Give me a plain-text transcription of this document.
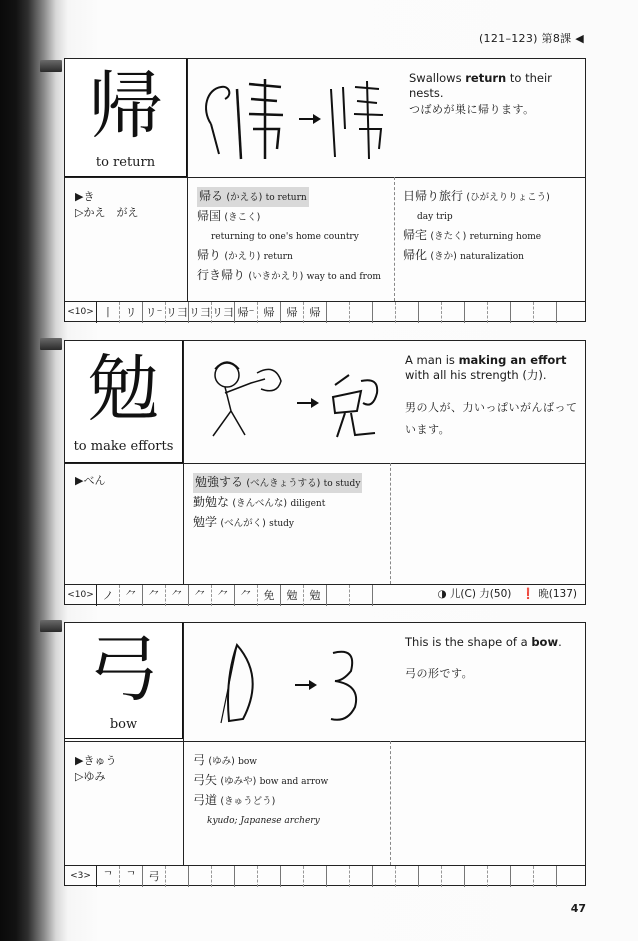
(121–123) 第8課 ◀
帰
to return
Swallows return to their nests.
つばめが巣に帰ります。
▶き
▷かえ　がえ
帰る (かえる) to return
帰国 (きこく)
returning to one's home country
帰り (かえり) return
行き帰り (いきかえり) way to and from
日帰り旅行 (ひがえりりょこう)
day trip
帰宅 (きたく) returning home
帰化 (きか) naturalization
<10> 丨	リ リ⁻ リ⺕ リ⺕ リ⺕ 帰⁻ 帰	帰	帰
勉
to make efforts
A man is making an effort with all his strength (力).
男の人が、力いっぱいがんばっています。
▶べん	勉強する (べんきょうする) to study
勤勉な (きんべんな) diligent
勉学 (べんがく) study
<10> ノ	⺈	⺈	⺈	⺈	⺈	⺈	免	勉	勉	◑ 儿(C) 力(50)　❗ 晩(137)
弓
bow
This is the shape of a bow.
弓の形です。
▶きゅう
▷ゆみ
弓 (ゆみ) bow
弓矢 (ゆみや) bow and arrow
弓道 (きゅうどう)
kyudo; Japanese archery
<3>	ᄀ	ᄀ	弓
47
